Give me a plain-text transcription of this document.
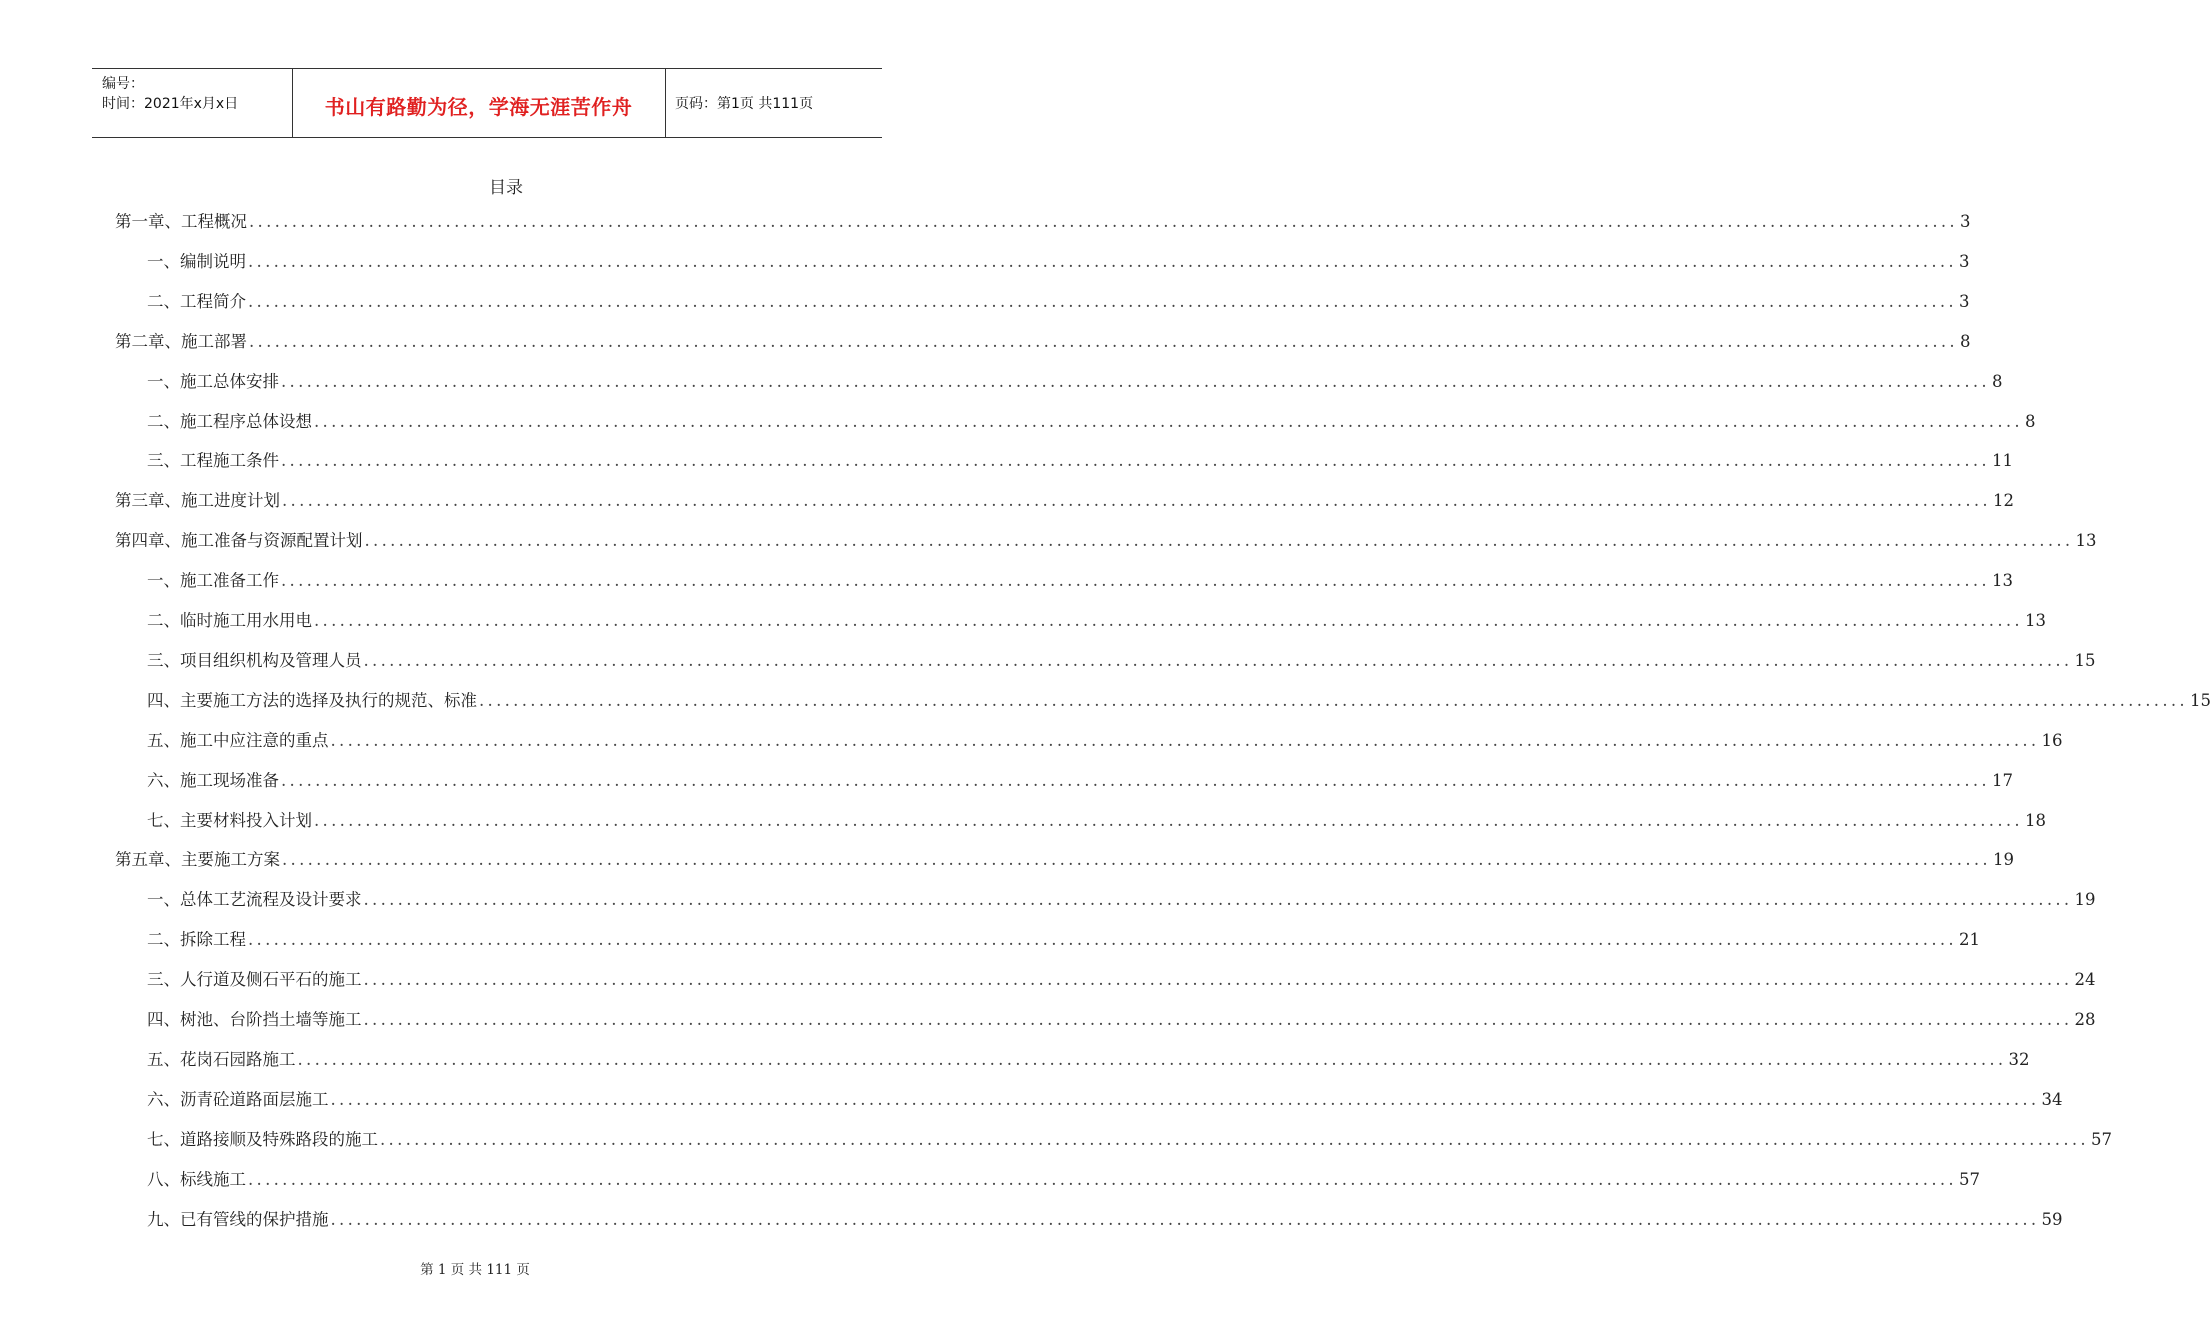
编号：
时间：2021年x月x日	书山有路勤为径，学海无涯苦作舟	页码：第1页 共111页
目录
第一章、工程概况 ........................................................................................................................................................................................................ 3
一、编制说明 ........................................................................................................................................................................................................ 3
二、工程简介 ........................................................................................................................................................................................................ 3
第二章、施工部署 ........................................................................................................................................................................................................ 8
一、施工总体安排 ........................................................................................................................................................................................................ 8
二、施工程序总体设想 ........................................................................................................................................................................................................ 8
三、工程施工条件 ........................................................................................................................................................................................................ 11
第三章、施工进度计划 ........................................................................................................................................................................................................ 12
第四章、施工准备与资源配置计划 ........................................................................................................................................................................................................ 13
一、施工准备工作 ........................................................................................................................................................................................................ 13
二、临时施工用水用电 ........................................................................................................................................................................................................ 13
三、项目组织机构及管理人员 ........................................................................................................................................................................................................ 15
四、主要施工方法的选择及执行的规范、标准 ........................................................................................................................................................................................................ 15
五、施工中应注意的重点 ........................................................................................................................................................................................................ 16
六、施工现场准备 ........................................................................................................................................................................................................ 17
七、主要材料投入计划 ........................................................................................................................................................................................................ 18
第五章、主要施工方案 ........................................................................................................................................................................................................ 19
一、总体工艺流程及设计要求 ........................................................................................................................................................................................................ 19
二、拆除工程 ........................................................................................................................................................................................................ 21
三、人行道及侧石平石的施工 ........................................................................................................................................................................................................ 24
四、树池、台阶挡土墙等施工 ........................................................................................................................................................................................................ 28
五、花岗石园路施工 ........................................................................................................................................................................................................ 32
六、沥青砼道路面层施工 ........................................................................................................................................................................................................ 34
七、道路接顺及特殊路段的施工 ........................................................................................................................................................................................................ 57
八、标线施工 ........................................................................................................................................................................................................ 57
九、已有管线的保护措施 ........................................................................................................................................................................................................ 59
第 1 页 共 111 页
